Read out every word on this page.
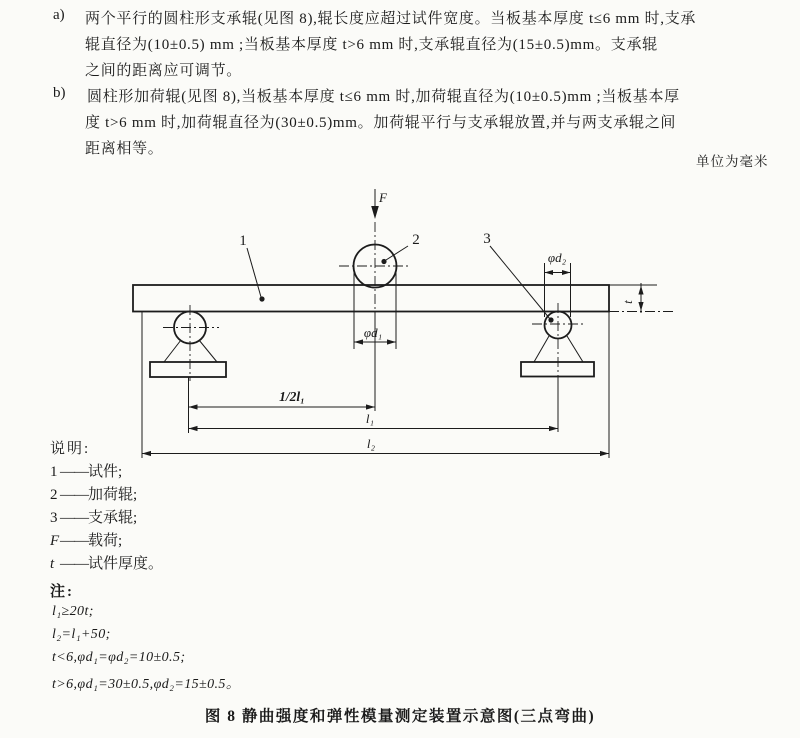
a) 两个平行的圆柱形支承辊(见图 8),辊长度应超过试件宽度。当板基本厚度 t≤6 mm 时,支承
辊直径为(10±0.5) mm ;当板基本厚度 t>6 mm 时,支承辊直径为(15±0.5)mm。支承辊
之间的距离应可调节。
b) 圆柱形加荷辊(见图 8),当板基本厚度 t≤6 mm 时,加荷辊直径为(10±0.5)mm ;当板基本厚
度 t>6 mm 时,加荷辊直径为(30±0.5)mm。加荷辊平行与支承辊放置,并与两支承辊之间
距离相等。
单位为毫米
F
1	2	3
φd₁
φd₂
t
1/2l₁
l₁
l₂
说明:
1 ——试件;
2 ——加荷辊;
3 ——支承辊;
F——载荷;
t ——试件厚度。
注:
l₁≥20t;
l₂=l₁+50;
t<6,φd₁=φd₂=10±0.5;
t>6,φd₁=30±0.5,φd₂=15±0.5。
图 8 静曲强度和弹性模量测定装置示意图(三点弯曲)
